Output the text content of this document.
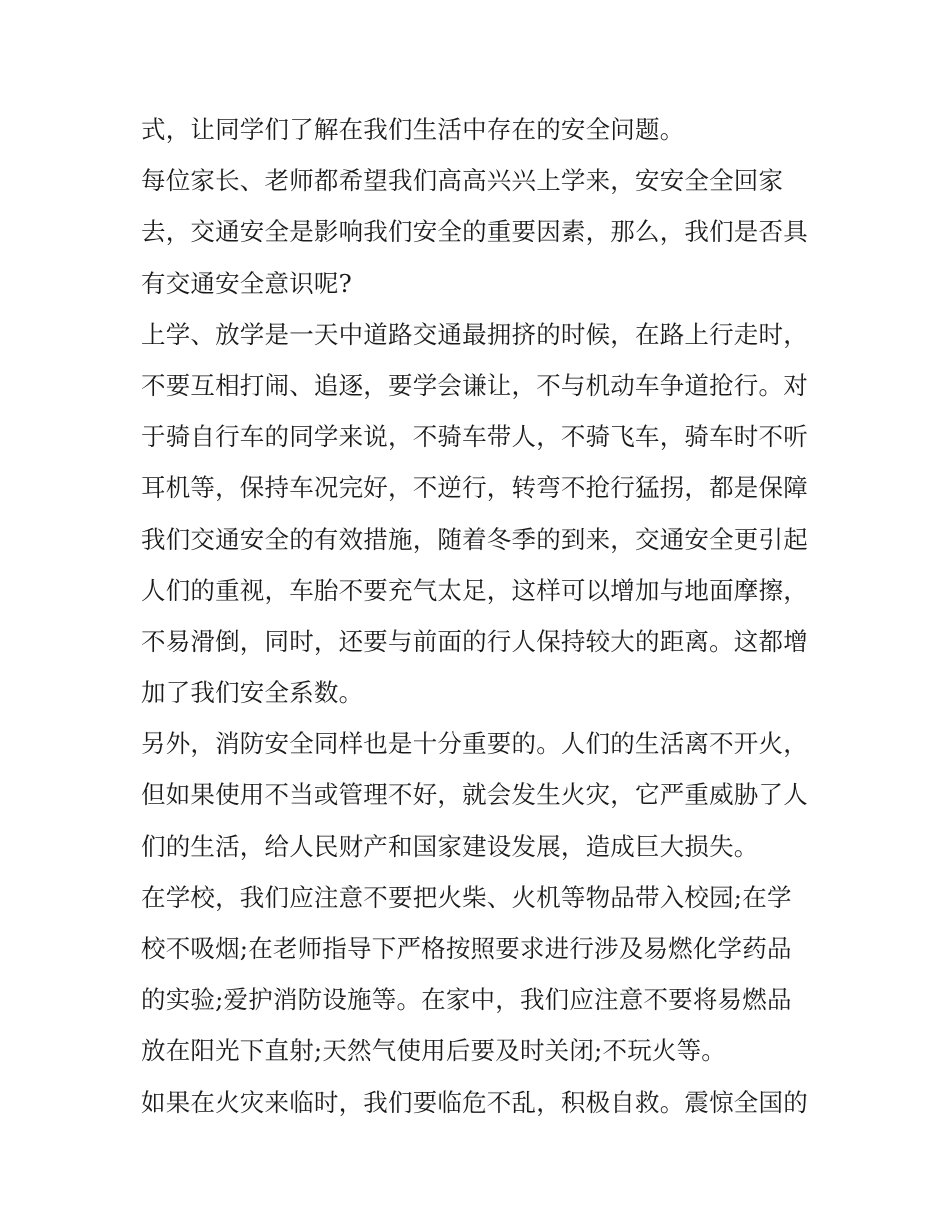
式，让同学们了解在我们生活中存在的安全问题。
每位家长、老师都希望我们高高兴兴上学来，安安全全回家
去，交通安全是影响我们安全的重要因素，那么，我们是否具
有交通安全意识呢?
上学、放学是一天中道路交通最拥挤的时候，在路上行走时，
不要互相打闹、追逐，要学会谦让，不与机动车争道抢行。对
于骑自行车的同学来说，不骑车带人，不骑飞车，骑车时不听
耳机等，保持车况完好，不逆行，转弯不抢行猛拐，都是保障
我们交通安全的有效措施，随着冬季的到来，交通安全更引起
人们的重视，车胎不要充气太足，这样可以增加与地面摩擦，
不易滑倒，同时，还要与前面的行人保持较大的距离。这都增
加了我们安全系数。
另外，消防安全同样也是十分重要的。人们的生活离不开火，
但如果使用不当或管理不好，就会发生火灾，它严重威胁了人
们的生活，给人民财产和国家建设发展，造成巨大损失。
在学校，我们应注意不要把火柴、火机等物品带入校园;在学
校不吸烟;在老师指导下严格按照要求进行涉及易燃化学药品
的实验;爱护消防设施等。在家中，我们应注意不要将易燃品
放在阳光下直射;天然气使用后要及时关闭;不玩火等。
如果在火灾来临时，我们要临危不乱，积极自救。震惊全国的
